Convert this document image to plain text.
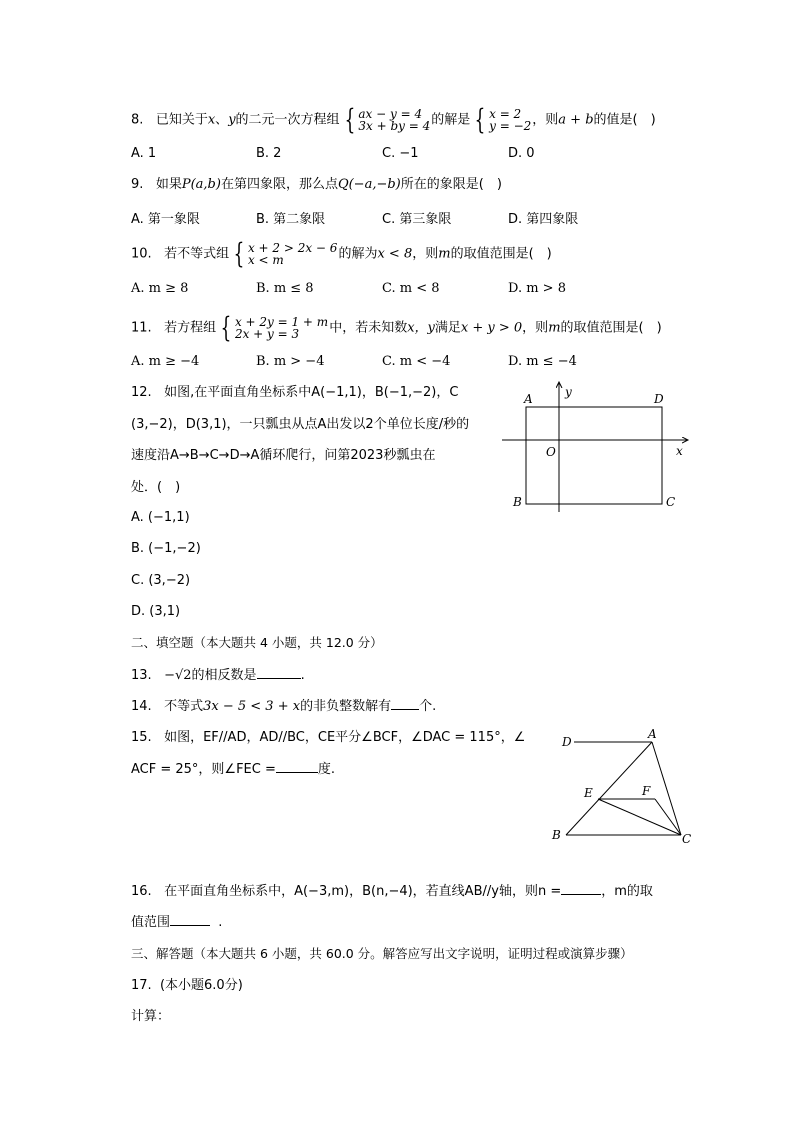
8. 已知关于x、y的二元一次方程组 { ax − y = 4
3x + by = 4 的解是 { x = 2
y = −2 ，则a + b的值是(　)
A. 1	B. 2	C. −1	D. 0
9. 如果P(a,b)在第四象限，那么点Q(−a,−b)所在的象限是(　)
A. 第一象限	B. 第二象限	C. 第三象限	D. 第四象限
10. 若不等式组 { x + 2 > 2x − 6
x < m	的解为x < 8，则m的取值范围是(　)
A. m ≥ 8	B. m ≤ 8	C. m < 8	D. m > 8
11. 若方程组 { x + 2y = 1 + m
2x + y = 3	中，若未知数x，y满足x + y > 0，则m的取值范围是(　)
A. m ≥ −4	B. m > −4	C. m < −4	D. m ≤ −4
12. 如图,在平面直角坐标系中A(−1,1)，B(−1,−2)，C
(3,−2)，D(3,1)，一只瓢虫从点A出发以2个单位长度/秒的
速度沿A→B→C→D→A循环爬行，问第2023秒瓢虫在
处．(　)
A. (−1,1)
B. (−1,−2)
C. (3,−2)
D. (3,1)
A
B	C
D
O	x
y
二、填空题（本大题共 4 小题，共 12.0 分）
13. −√2的相反数是	.
14. 不等式3x − 5 < 3 + x的非负整数解有 个.
15. 如图，EF//AD，AD//BC，CE平分∠BCF，∠DAC = 115°，∠
ACF = 25°，则∠FEC =	度.
A
B	C
D
E	F
16. 在平面直角坐标系中，A(−3,m)，B(n,−4)，若直线AB//y轴，则n =	，m的取
值范围	.
三、解答题（本大题共 6 小题，共 60.0 分。解答应写出文字说明，证明过程或演算步骤）
17. (本小题6.0分)
计算：
